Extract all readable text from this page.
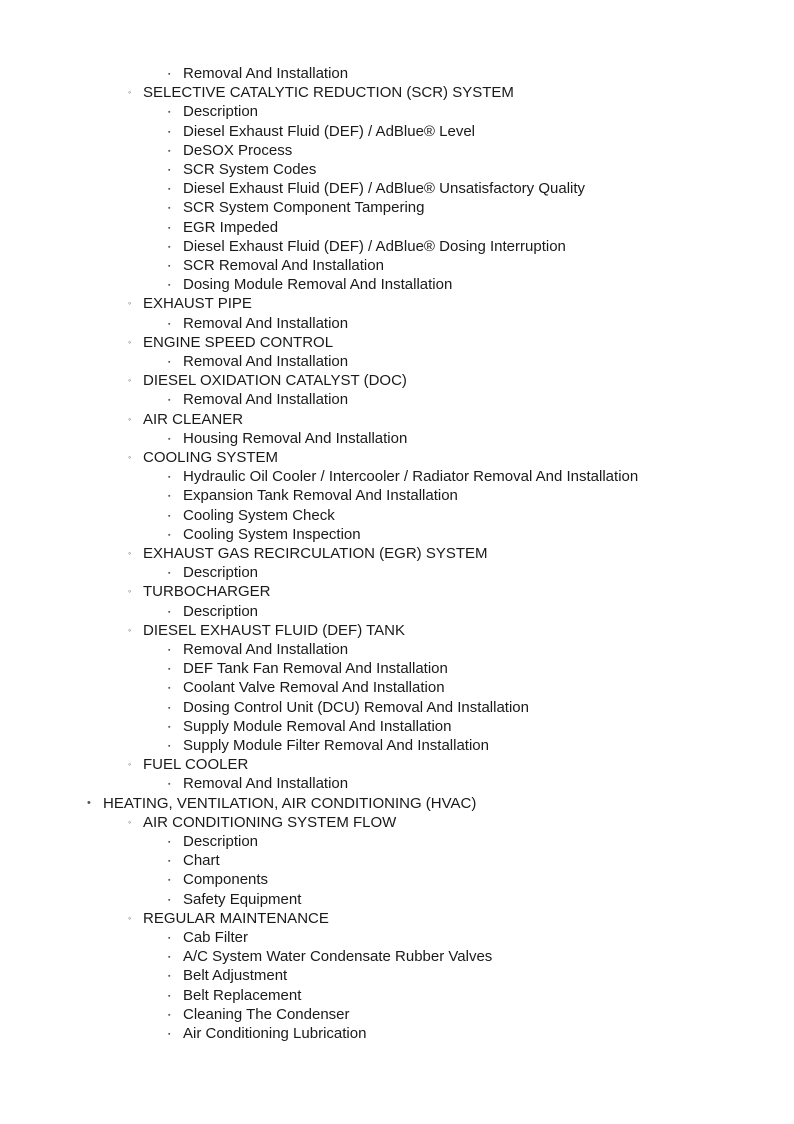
▪ Removal And Installation
◦ SELECTIVE CATALYTIC REDUCTION (SCR) SYSTEM
▪ Description
▪ Diesel Exhaust Fluid (DEF) / AdBlue® Level
▪ DeSOX Process
▪ SCR System Codes
▪ Diesel Exhaust Fluid (DEF) / AdBlue® Unsatisfactory Quality
▪ SCR System Component Tampering
▪ EGR Impeded
▪ Diesel Exhaust Fluid (DEF) / AdBlue® Dosing Interruption
▪ SCR Removal And Installation
▪ Dosing Module Removal And Installation
◦ EXHAUST PIPE
▪ Removal And Installation
◦ ENGINE SPEED CONTROL
▪ Removal And Installation
◦ DIESEL OXIDATION CATALYST (DOC)
▪ Removal And Installation
◦ AIR CLEANER
▪ Housing Removal And Installation
◦ COOLING SYSTEM
▪ Hydraulic Oil Cooler / Intercooler / Radiator Removal And Installation
▪ Expansion Tank Removal And Installation
▪ Cooling System Check
▪ Cooling System Inspection
◦ EXHAUST GAS RECIRCULATION (EGR) SYSTEM
▪ Description
◦ TURBOCHARGER
▪ Description
◦ DIESEL EXHAUST FLUID (DEF) TANK
▪ Removal And Installation
▪ DEF Tank Fan Removal And Installation
▪ Coolant Valve Removal And Installation
▪ Dosing Control Unit (DCU) Removal And Installation
▪ Supply Module Removal And Installation
▪ Supply Module Filter Removal And Installation
◦ FUEL COOLER
▪ Removal And Installation
• HEATING, VENTILATION, AIR CONDITIONING (HVAC)
◦ AIR CONDITIONING SYSTEM FLOW
▪ Description
▪ Chart
▪ Components
▪ Safety Equipment
◦ REGULAR MAINTENANCE
▪ Cab Filter
▪ A/C System Water Condensate Rubber Valves
▪ Belt Adjustment
▪ Belt Replacement
▪ Cleaning The Condenser
▪ Air Conditioning Lubrication
